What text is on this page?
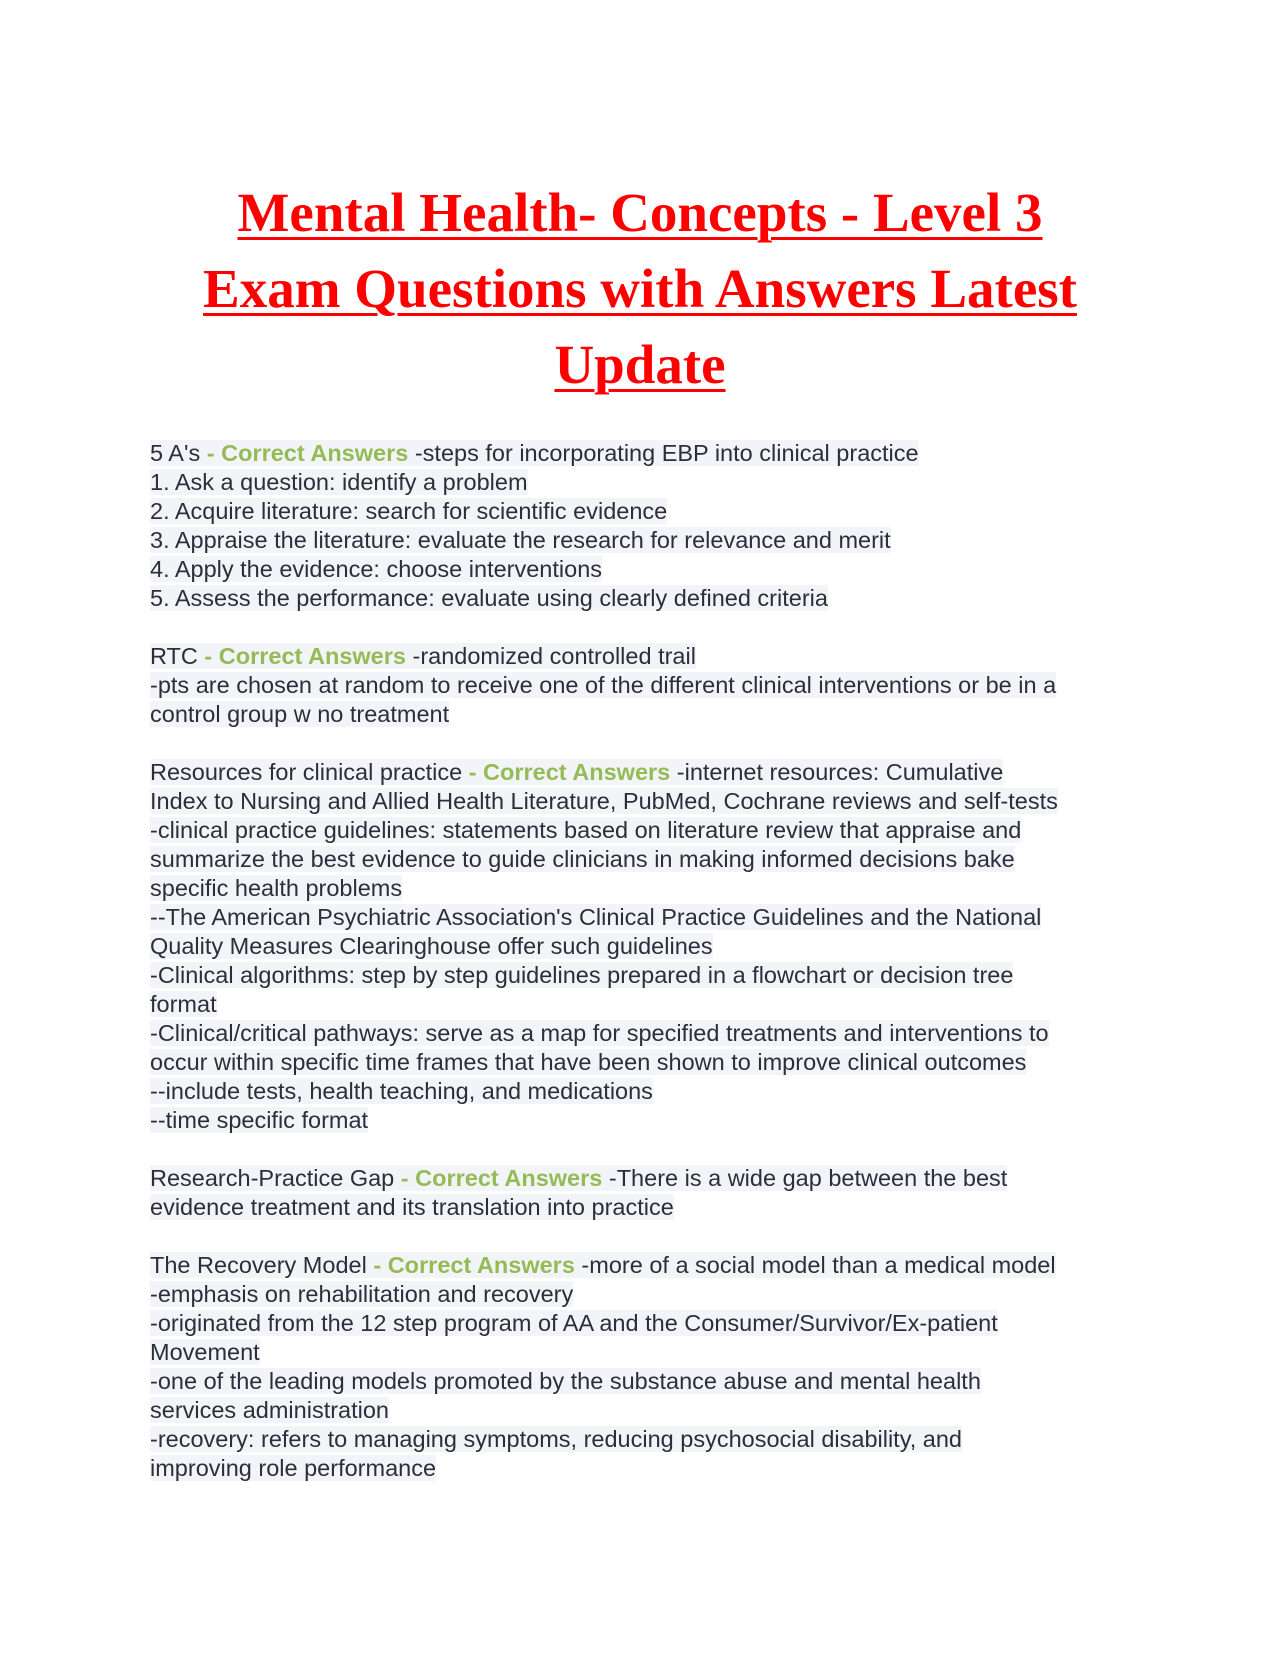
Mental Health- Concepts - Level 3
Exam Questions with Answers Latest
Update
5 A's - Correct Answers -steps for incorporating EBP into clinical practice
1. Ask a question: identify a problem
2. Acquire literature: search for scientific evidence
3. Appraise the literature: evaluate the research for relevance and merit
4. Apply the evidence: choose interventions
5. Assess the performance: evaluate using clearly defined criteria
RTC - Correct Answers -randomized controlled trail
-pts are chosen at random to receive one of the different clinical interventions or be in a
control group w no treatment
Resources for clinical practice - Correct Answers -internet resources: Cumulative
Index to Nursing and Allied Health Literature, PubMed, Cochrane reviews and self-tests
-clinical practice guidelines: statements based on literature review that appraise and
summarize the best evidence to guide clinicians in making informed decisions bake
specific health problems
--The American Psychiatric Association's Clinical Practice Guidelines and the National
Quality Measures Clearinghouse offer such guidelines
-Clinical algorithms: step by step guidelines prepared in a flowchart or decision tree
format
-Clinical/critical pathways: serve as a map for specified treatments and interventions to
occur within specific time frames that have been shown to improve clinical outcomes
--include tests, health teaching, and medications
--time specific format
Research-Practice Gap - Correct Answers -There is a wide gap between the best
evidence treatment and its translation into practice
The Recovery Model - Correct Answers -more of a social model than a medical model
-emphasis on rehabilitation and recovery
-originated from the 12 step program of AA and the Consumer/Survivor/Ex-patient
Movement
-one of the leading models promoted by the substance abuse and mental health
services administration
-recovery: refers to managing symptoms, reducing psychosocial disability, and
improving role performance
